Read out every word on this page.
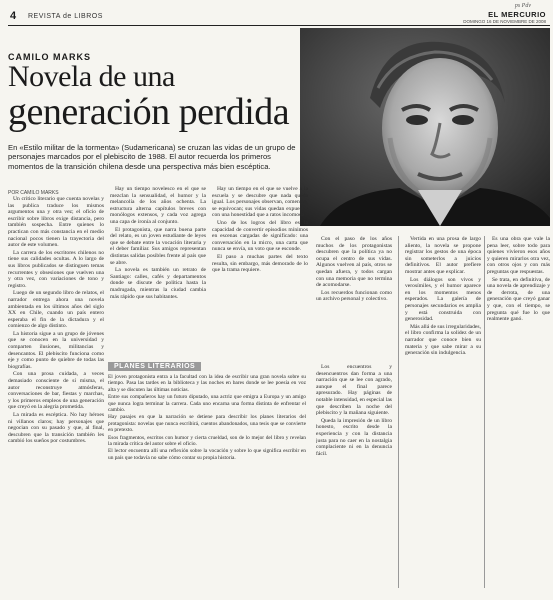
ps Pdv
4 REVISTA de LIBROS	EL MERCURIO
DOMINGO 16 DE NOVIEMBRE DE 2008
CAMILO MARKS
Novela de una
generación perdida
En «Estilo militar de la tormenta» (Sudamericana) se cruzan las vidas de un grupo de personajes marcados por el plebiscito de 1988. El autor recuerda los primeros momentos de la transición chilena desde una perspectiva más bien escéptica.
POR CAMILO MARKS

Un crítico literario que cuenta novelas y las publica traduce los mismos argumentos una y otra vez; el oficio de escribir sobre libros exige distancia, pero también sospecha. Entre quienes lo practican con más constancia en el medio nacional pocos tienen la trayectoria del autor de este volumen.

La carrera de los escritores chilenos no tiene sus calidades ocultas. A lo largo de sus libros publicados se distinguen temas recurrentes y obsesiones que vuelven una y otra vez, con variaciones de tono y registro.

Luego de un segundo libro de relatos, el narrador entrega ahora una novela ambientada en los últimos años del siglo XX en Chile, cuando un país entero esperaba el fin de la dictadura y el comienzo de algo distinto.

La historia sigue a un grupo de jóvenes que se conocen en la universidad y comparten ilusiones, militancias y desencantos. El plebiscito funciona como eje y como punto de quiebre de todas las biografías.

Con una prosa cuidada, a veces demasiado consciente de sí misma, el autor reconstruye atmósferas, conversaciones de bar, fiestas y marchas, y los primeros empleos de una generación que creyó en la alegría prometida.

La mirada es escéptica. No hay héroes ni villanos claros; hay personajes que negocian con su pasado y que, al final, descubren que la transición también les cambió los sueños por costumbres.

Hay un tiempo novelesco en el que se mezclan la sensualidad, el humor y la melancolía de los años ochenta. La estructura alterna capítulos breves con monólogos extensos, y cada voz agrega una capa de ironía al conjunto.

El protagonista, que narra buena parte del relato, es un joven estudiante de leyes que se debate entre la vocación literaria y el deber familiar. Sus amigos representan distintas salidas posibles frente al país que se abre.

La novela es también un retrato de Santiago: calles, cafés y departamentos donde se discute de política hasta la madrugada, mientras la ciudad cambia más rápido que sus habitantes.

Hay un tiempo en el que se vuelve a la escuela y se descubre que nada queda igual. Los personajes observan, comentan, se equivocan; sus vidas quedan expuestas con una honestidad que a ratos incomoda.

Uno de los logros del libro es la capacidad de convertir episodios mínimos en escenas cargadas de significado: una conversación en la micro, una carta que nunca se envía, un voto que se esconde.

El paso a muchas partes del texto resulta, sin embargo, más demorado de lo que la trama requiere.

Con el paso de los años muchos de los protagonistas descubren que la política ya no ocupa el centro de sus vidas. Algunos vuelven al país, otros se quedan afuera, y todos cargan con una memoria que no termina de acomodarse.

Los recuerdos funcionan como un archivo personal y colectivo.

Los encuentros y desencuentros dan forma a una narración que se lee con agrado, aunque el final parece apresurado. Hay páginas de notable intensidad, en especial las que describen la noche del plebiscito y la mañana siguiente.

Queda la impresión de un libro honesto, escrito desde la experiencia y con la distancia justa para no caer en la nostalgia complaciente ni en la denuncia fácil.

Vertida en una prosa de largo aliento, la novela se propone registrar los gestos de una época sin someterlos a juicios definitivos. El autor prefiere mostrar antes que explicar.

Los diálogos son vivos y verosímiles, y el humor aparece en los momentos menos esperados. La galería de personajes secundarios es amplia y está construida con generosidad.

Más allá de sus irregularidades, el libro confirma la solidez de un narrador que conoce bien su materia y que sabe mirar a su generación sin indulgencia.

Es una obra que vale la pena leer, sobre todo para quienes vivieron esos años y quieren mirarlos otra vez, con otros ojos y con más preguntas que respuestas.

Se trata, en definitiva, de una novela de aprendizaje y de derrota, de una generación que creyó ganar y que, con el tiempo, se pregunta qué fue lo que realmente ganó.

PLANES LITERARIOS

El joven protagonista entra a la facultad con la idea de escribir una gran novela sobre su tiempo. Pasa las tardes en la biblioteca y las noches en bares donde se lee poesía en voz alta y se discuten las últimas noticias.

Entre sus compañeros hay un futuro diputado, una actriz que emigra a Europa y un amigo que nunca logra terminar la carrera. Cada uno encarna una forma distinta de enfrentar el cambio.

Hay pasajes en que la narración se detiene para describir los planes literarios del protagonista: novelas que nunca escribirá, cuentos abandonados, una tesis que se convierte en pretexto.

Esos fragmentos, escritos con humor y cierta crueldad, son de lo mejor del libro y revelan la mirada crítica del autor sobre el oficio.

El lector encuentra allí una reflexión sobre la vocación y sobre lo que significa escribir en un país que todavía no sabe cómo contar su propia historia.
